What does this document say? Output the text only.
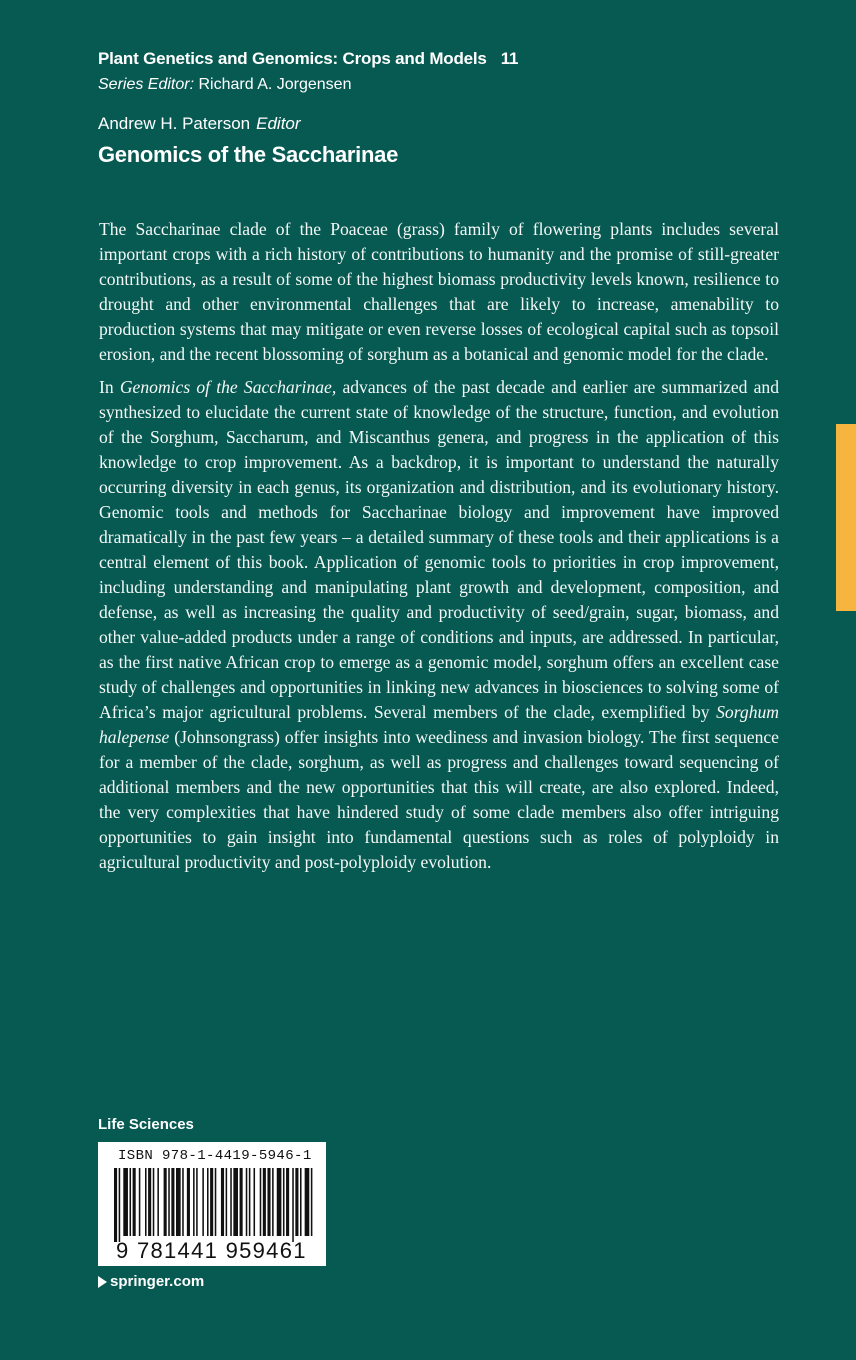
Plant Genetics and Genomics: Crops and Models 11
Series Editor: Richard A. Jorgensen
Andrew H. Paterson Editor
Genomics of the Saccharinae

The Saccharinae clade of the Poaceae (grass) family of flowering plants includes several important crops with a rich history of contributions to humanity and the promise of still-greater contributions, as a result of some of the highest biomass productivity levels known, resilience to drought and other environmental challenges that are likely to increase, amenability to production systems that may mitigate or even reverse losses of ecological capital such as topsoil erosion, and the recent blossoming of sorghum as a botanical and genomic model for the clade.

In Genomics of the Saccharinae, advances of the past decade and earlier are summarized and synthesized to elucidate the current state of knowledge of the structure, function, and evolution of the Sorghum, Saccharum, and Miscanthus genera, and progress in the application of this knowledge to crop improvement. As a backdrop, it is important to understand the naturally occurring diversity in each genus, its organization and distribution, and its evolutionary history. Genomic tools and methods for Saccharinae biology and improvement have improved dramatically in the past few years – a detailed summary of these tools and their applications is a central element of this book. Application of genomic tools to priorities in crop improvement, including understanding and manipulating plant growth and development, composition, and defense, as well as increasing the quality and productivity of seed/grain, sugar, biomass, and other value-added products under a range of conditions and inputs, are addressed. In particular, as the first native African crop to emerge as a genomic model, sorghum offers an excellent case study of challenges and opportunities in linking new advances in biosciences to solving some of Africa’s major agricultural problems. Several members of the clade, exemplified by Sorghum halepense (Johnsongrass) offer insights into weediness and invasion biology. The first sequence for a member of the clade, sorghum, as well as progress and challenges toward sequencing of additional members and the new opportunities that this will create, are also explored. Indeed, the very complexities that have hindered study of some clade members also offer intriguing opportunities to gain insight into fundamental questions such as roles of polyploidy in agricultural productivity and post-polyploidy evolution.

Life Sciences
ISBN 978-1-4419-5946-1
9 781441 959461
springer.com
